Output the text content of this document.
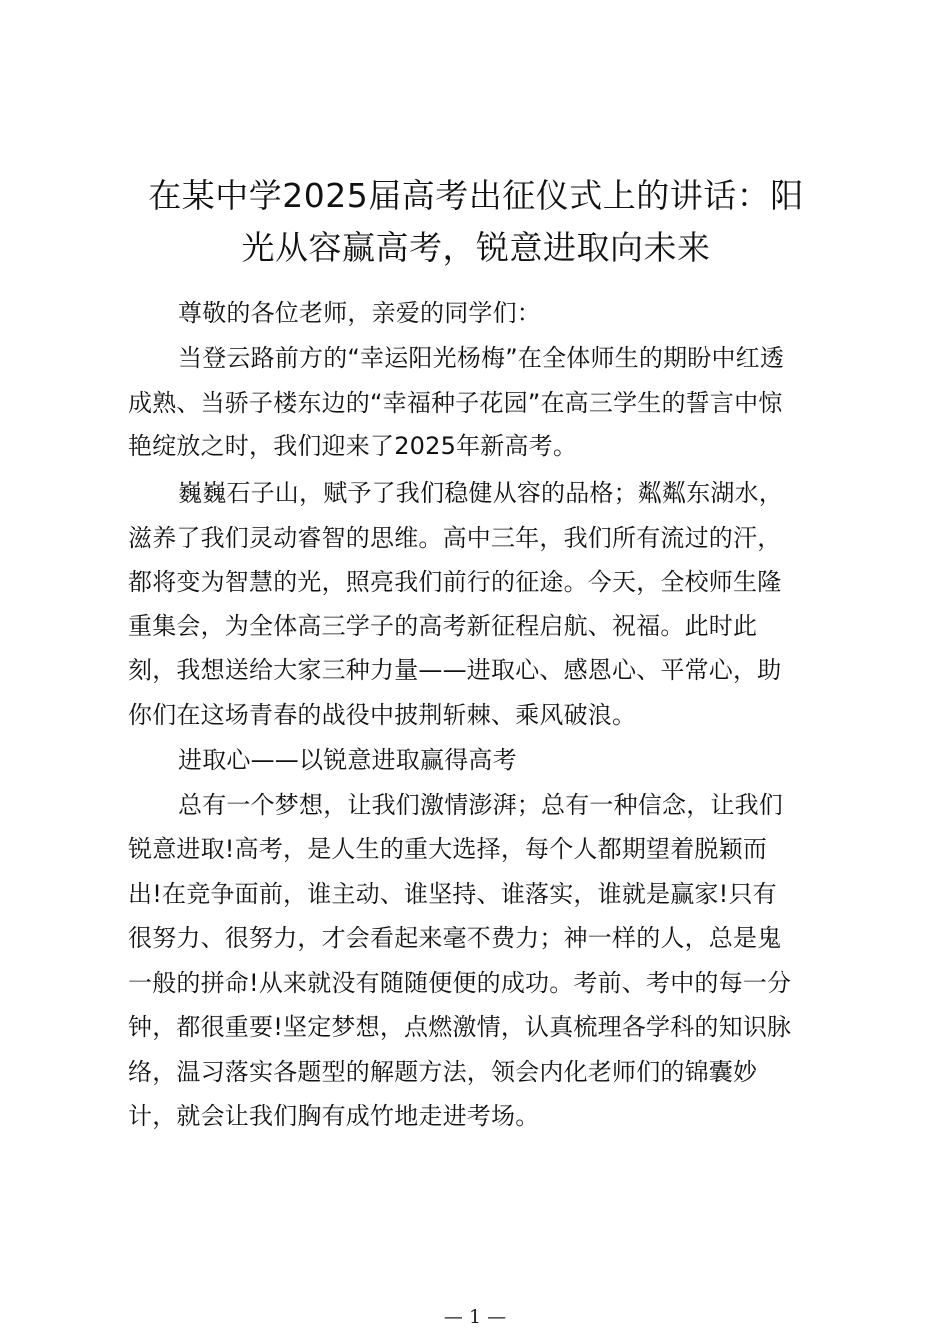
在某中学2025届高考出征仪式上的讲话：阳
光从容赢高考，锐意进取向未来
尊敬的各位老师，亲爱的同学们：
当登云路前方的“幸运阳光杨梅”在全体师生的期盼中红透
成熟、当骄子楼东边的“幸福种子花园”在高三学生的誓言中惊
艳绽放之时，我们迎来了2025年新高考。
巍巍石子山，赋予了我们稳健从容的品格；粼粼东湖水，
滋养了我们灵动睿智的思维。高中三年，我们所有流过的汗，
都将变为智慧的光，照亮我们前行的征途。今天，全校师生隆
重集会，为全体高三学子的高考新征程启航、祝福。此时此
刻，我想送给大家三种力量——进取心、感恩心、平常心，助
你们在这场青春的战役中披荆斩棘、乘风破浪。
进取心——以锐意进取赢得高考
总有一个梦想，让我们激情澎湃；总有一种信念，让我们
锐意进取!高考，是人生的重大选择，每个人都期望着脱颖而
出!在竞争面前，谁主动、谁坚持、谁落实，谁就是赢家!只有
很努力、很努力，才会看起来毫不费力；神一样的人，总是鬼
一般的拼命!从来就没有随随便便的成功。考前、考中的每一分
钟，都很重要!坚定梦想，点燃激情，认真梳理各学科的知识脉
络，温习落实各题型的解题方法，领会内化老师们的锦囊妙
计，就会让我们胸有成竹地走进考场。
— 1 —
